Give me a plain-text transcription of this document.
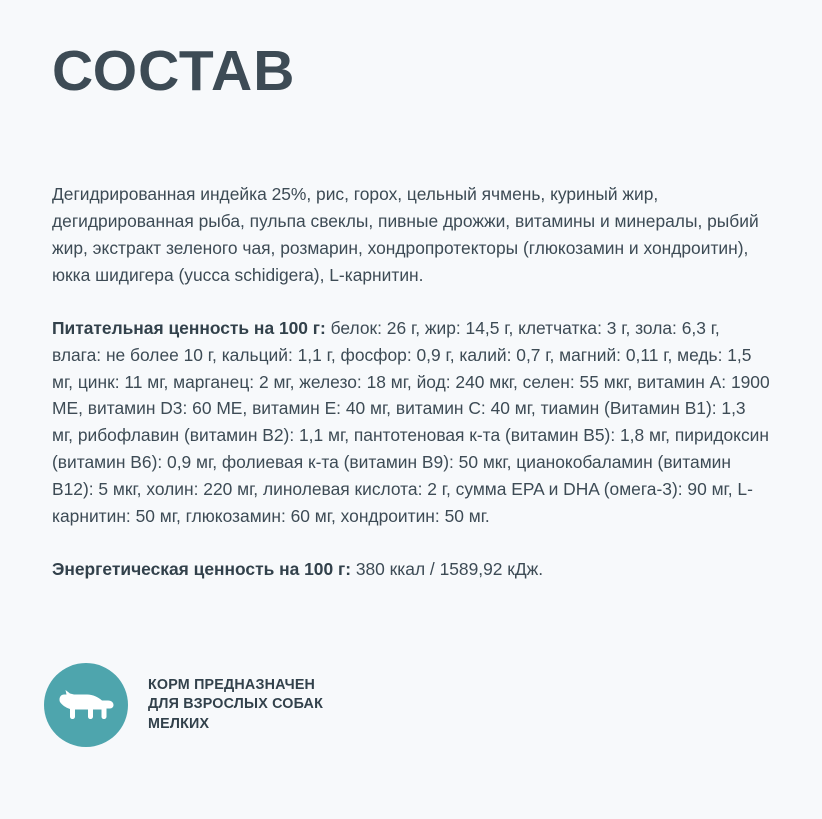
СОСТАВ

Дегидрированная индейка 25%, рис, горох, цельный ячмень, куриный жир, дегидрированная рыба, пульпа свеклы, пивные дрожжи, витамины и минералы, рыбий жир, экстракт зеленого чая, розмарин, хондропротекторы (глюкозамин и хондроитин), юкка шидигера (yucca schidigera), L-карнитин.

Питательная ценность на 100 г: белок: 26 г, жир: 14,5 г, клетчатка: 3 г, зола: 6,3 г, влага: не более 10 г, кальций: 1,1 г, фосфор: 0,9 г, калий: 0,7 г, магний: 0,11 г, медь: 1,5 мг, цинк: 11 мг, марганец: 2 мг, железо: 18 мг, йод: 240 мкг, селен: 55 мкг, витамин A: 1900 МЕ, витамин D3: 60 МЕ, витамин E: 40 мг, витамин C: 40 мг, тиамин (Витамин B1): 1,3 мг, рибофлавин (витамин B2): 1,1 мг, пантотеновая к-та (витамин B5): 1,8 мг, пиридоксин (витамин B6): 0,9 мг, фолиевая к-та (витамин B9): 50 мкг, цианокобаламин (витамин B12): 5 мкг, холин: 220 мг, линолевая кислота: 2 г, сумма EPA и DHA (омега-3): 90 мг, L-карнитин: 50 мг, глюкозамин: 60 мг, хондроитин: 50 мг.

Энергетическая ценность на 100 г: 380 ккал / 1589,92 кДж.

КОРМ ПРЕДНАЗНАЧЕН
ДЛЯ ВЗРОСЛЫХ СОБАК
МЕЛКИХ
